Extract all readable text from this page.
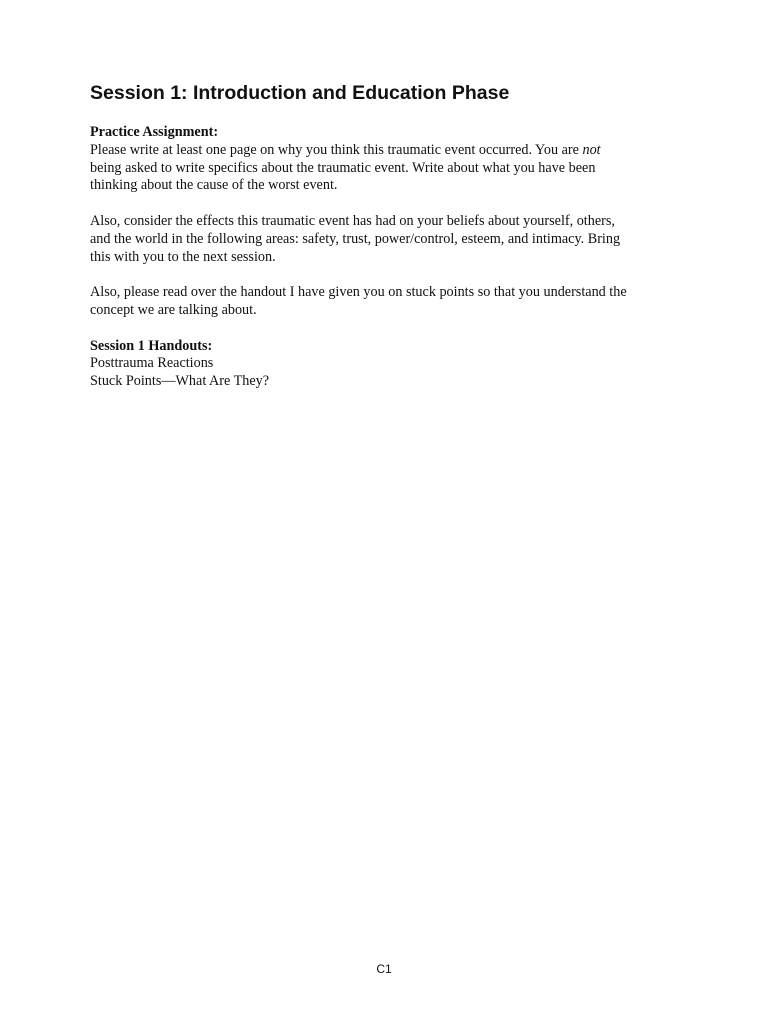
Session 1: Introduction and Education Phase

Practice Assignment:

Please write at least one page on why you think this traumatic event occurred. You are not

being asked to write specifics about the traumatic event. Write about what you have been

thinking about the cause of the worst event.

Also, consider the effects this traumatic event has had on your beliefs about yourself, others,

and the world in the following areas: safety, trust, power/control, esteem, and intimacy. Bring

this with you to the next session.

Also, please read over the handout I have given you on stuck points so that you understand the

concept we are talking about.

Session 1 Handouts:

Posttrauma Reactions

Stuck Points—What Are They?

C1
